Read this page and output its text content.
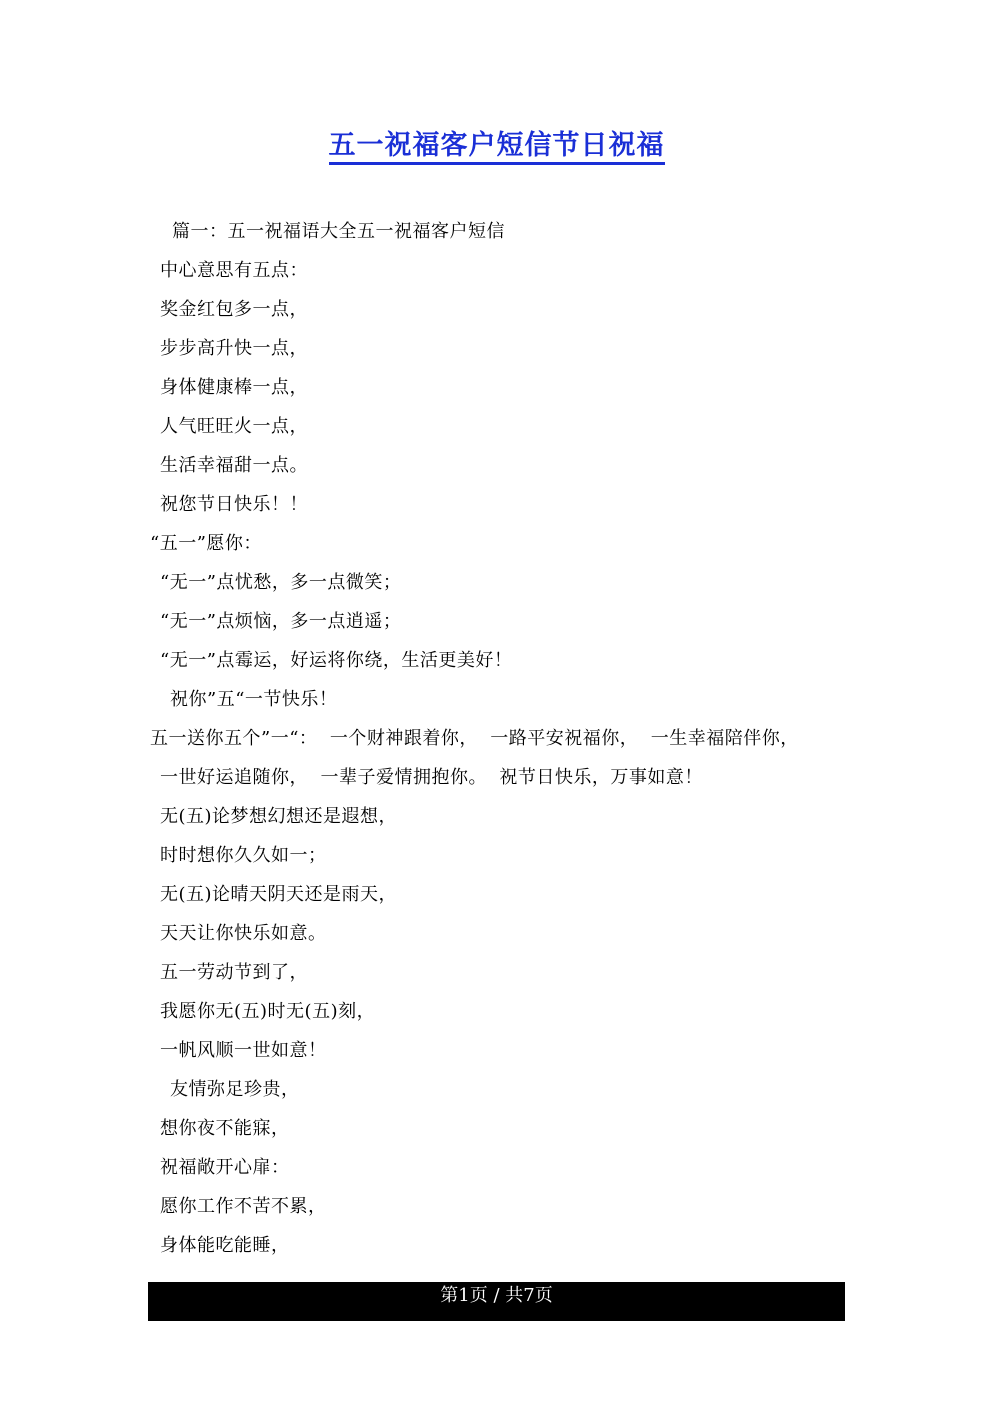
五一祝福客户短信节日祝福
篇一：五一祝福语大全五一祝福客户短信
中心意思有五点：
奖金红包多一点，
步步高升快一点，
身体健康棒一点，
人气旺旺火一点，
生活幸福甜一点。
祝您节日快乐！！
“五一”愿你：
“无一”点忧愁，多一点微笑；
“无一”点烦恼，多一点逍遥；
“无一”点霉运，好运将你绕，生活更美好！
祝你”五“一节快乐！
五一送你五个”一“：  一个财神跟着你，  一路平安祝福你，  一生幸福陪伴你，
一世好运追随你，  一辈子爱情拥抱你。  祝节日快乐，万事如意！
无(五)论梦想幻想还是遐想，
时时想你久久如一；
无(五)论晴天阴天还是雨天，
天天让你快乐如意。
五一劳动节到了，
我愿你无(五)时无(五)刻，
一帆风顺一世如意！
友情弥足珍贵，
想你夜不能寐，
祝福敞开心扉：
愿你工作不苦不累，
身体能吃能睡，
第1页 / 共7页
